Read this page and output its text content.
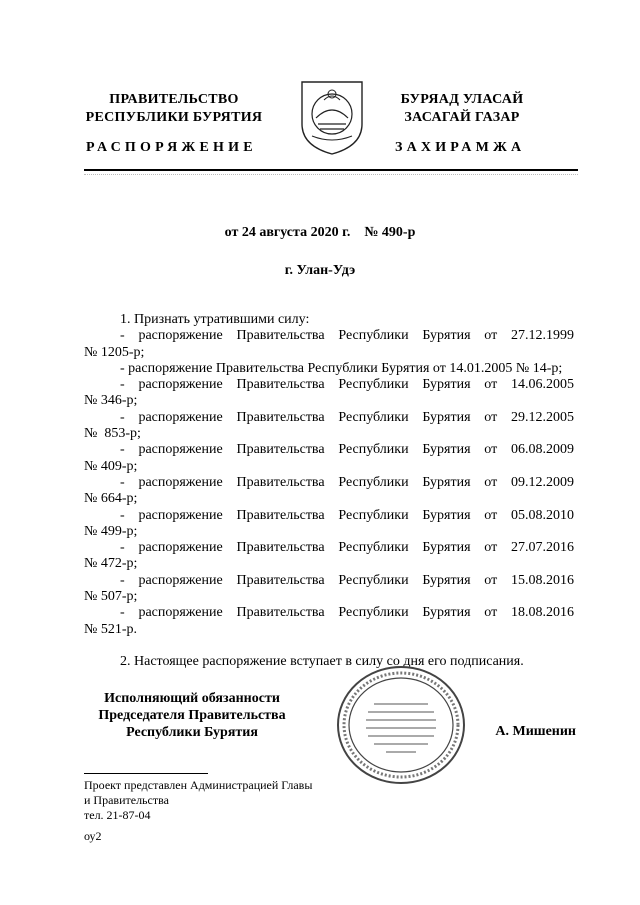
ПРАВИТЕЛЬСТВО
РЕСПУБЛИКИ БУРЯТИЯ
БУРЯАД УЛАСАЙ
ЗАСАГАЙ ГАЗАР
РАСПОРЯЖЕНИЕ	ЗАХИРАМЖА
от 24 августа 2020 г.    № 490-р
г. Улан-Удэ
1. Признать утратившими силу:
- распоряжение Правительства Республики Бурятия от 27.12.1999
№ 1205-р;
- распоряжение Правительства Республики Бурятия от 14.01.2005 № 14-р;
- распоряжение Правительства Республики Бурятия от 14.06.2005
№ 346-р;
- распоряжение Правительства Республики Бурятия от 29.12.2005
№  853-р;
- распоряжение Правительства Республики Бурятия от 06.08.2009
№ 409-р;
- распоряжение Правительства Республики Бурятия от 09.12.2009
№ 664-р;
- распоряжение Правительства Республики Бурятия от 05.08.2010
№ 499-р;
- распоряжение Правительства Республики Бурятия от 27.07.2016
№ 472-р;
- распоряжение Правительства Республики Бурятия от 15.08.2016
№ 507-р;
- распоряжение Правительства Республики Бурятия от 18.08.2016
№ 521-р.
2. Настоящее распоряжение вступает в силу со дня его подписания.
Исполняющий обязанности
Председателя Правительства
Республики Бурятия	А. Мишенин
Проект представлен Администрацией Главы
и Правительства
тел. 21-87-04
оу2
